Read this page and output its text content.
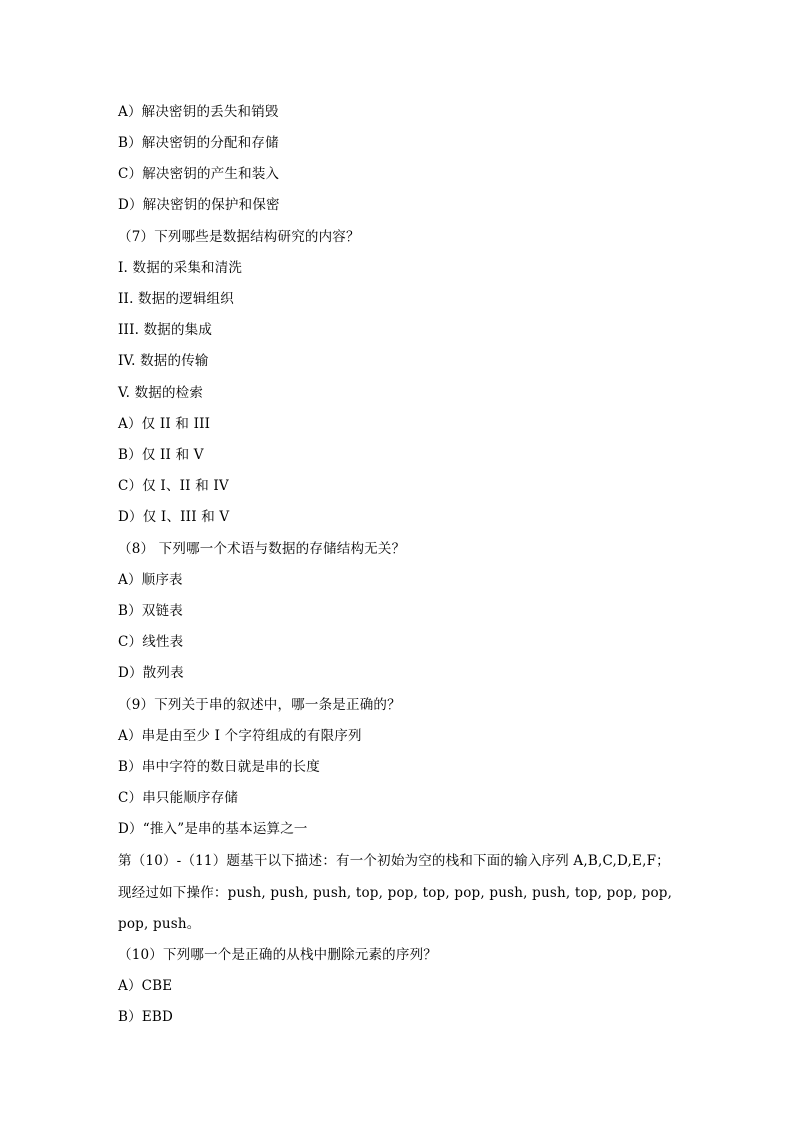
A）解决密钥的丢失和销毁
B）解决密钥的分配和存储
C）解决密钥的产生和装入
D）解决密钥的保护和保密
（7）下列哪些是数据结构研究的内容？
I. 数据的采集和清洗
II. 数据的逻辑组织
III. 数据的集成
IV. 数据的传输
V. 数据的检索
A）仅 II 和 III
B）仅 II 和 V
C）仅 I、II 和 IV
D）仅 I、III 和 V
（8） 下列哪一个术语与数据的存储结构无关？
A）顺序表
B）双链表
C）线性表
D）散列表
（9）下列关于串的叙述中，哪一条是正确的？
A）串是由至少 I 个字符组成的有限序列
B）串中字符的数日就是串的长度
C）串只能顺序存储
D）“推入”是串的基本运算之一
第（10）-（11）题基干以下描述：有一个初始为空的栈和下面的输入序列 A,B,C,D,E,F；
现经过如下操作：push, push, push, top, pop, top, pop, push, push, top, pop, pop,
pop, push。
（10）下列哪一个是正确的从栈中删除元素的序列？
A）CBE
B）EBD
